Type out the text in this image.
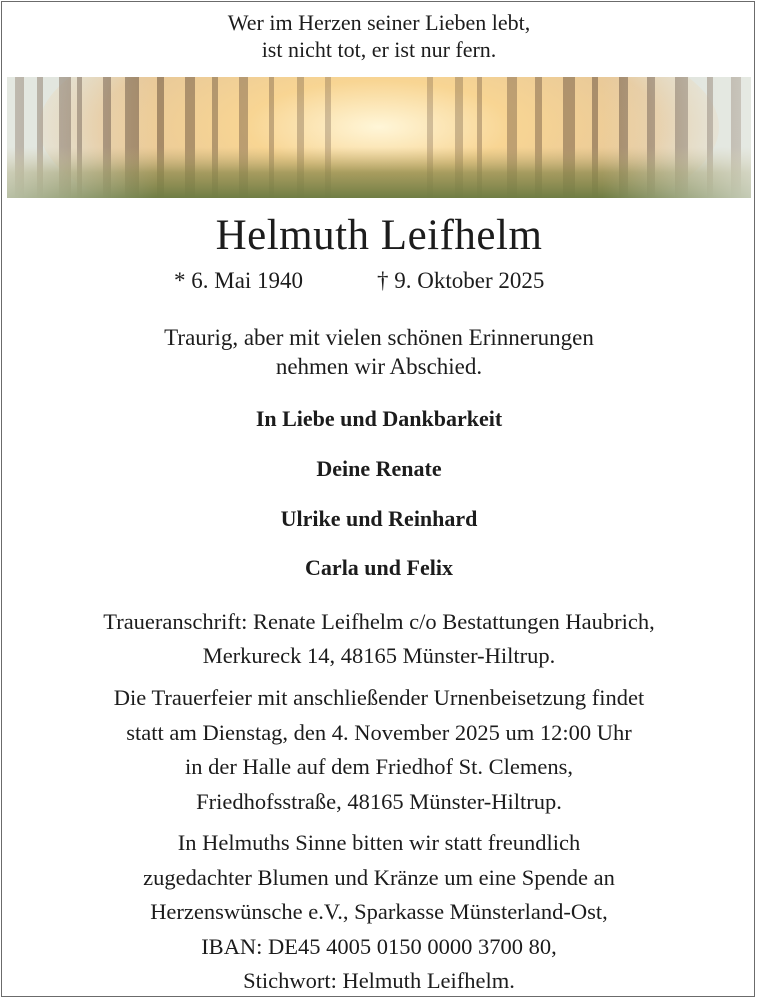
Wer im Herzen seiner Lieben lebt,
ist nicht tot, er ist nur fern.
Helmuth Leifhelm
* 6. Mai 1940	† 9. Oktober 2025
Traurig, aber mit vielen schönen Erinnerungen
nehmen wir Abschied.
In Liebe und Dankbarkeit
Deine Renate
Ulrike und Reinhard
Carla und Felix
Traueranschrift: Renate Leifhelm c/o Bestattungen Haubrich,
Merkureck 14, 48165 Münster-Hiltrup.
Die Trauerfeier mit anschließender Urnenbeisetzung findet
statt am Dienstag, den 4. November 2025 um 12:00 Uhr
in der Halle auf dem Friedhof St. Clemens,
Friedhofsstraße, 48165 Münster-Hiltrup.
In Helmuths Sinne bitten wir statt freundlich
zugedachter Blumen und Kränze um eine Spende an
Herzenswünsche e.V., Sparkasse Münsterland-Ost,
IBAN: DE45 4005 0150 0000 3700 80,
Stichwort: Helmuth Leifhelm.
